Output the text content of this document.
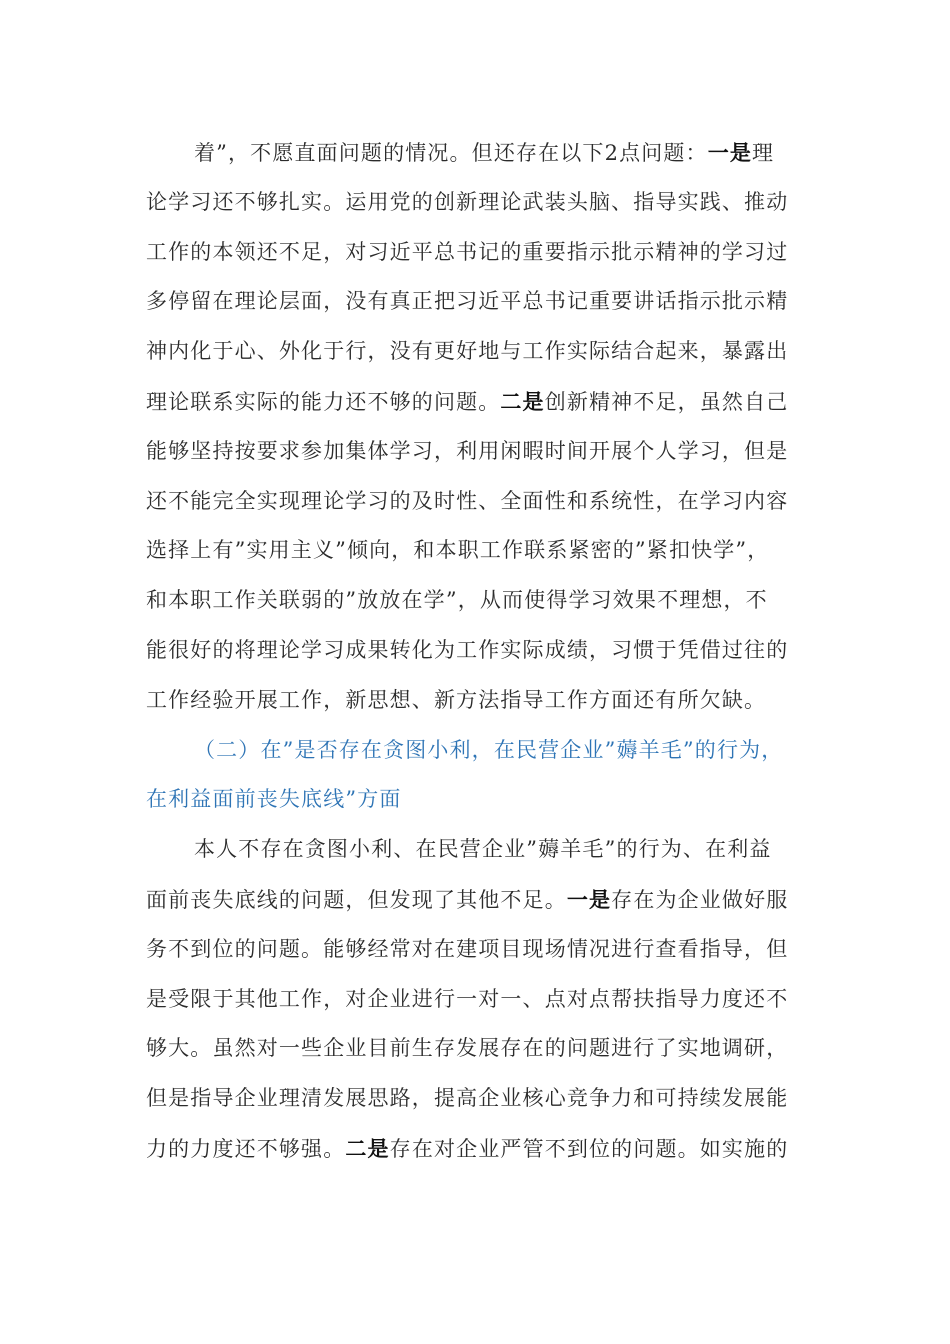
着”，不愿直面问题的情况。但还存在以下2点问题：一是理
论学习还不够扎实。运用党的创新理论武装头脑、指导实践、推动
工作的本领还不足，对习近平总书记的重要指示批示精神的学习过
多停留在理论层面，没有真正把习近平总书记重要讲话指示批示精
神内化于心、外化于行，没有更好地与工作实际结合起来，暴露出
理论联系实际的能力还不够的问题。二是创新精神不足，虽然自己
能够坚持按要求参加集体学习，利用闲暇时间开展个人学习，但是
还不能完全实现理论学习的及时性、全面性和系统性，在学习内容
选择上有”实用主义”倾向，和本职工作联系紧密的”紧扣快学”，
和本职工作关联弱的”放放在学”，从而使得学习效果不理想，不
能很好的将理论学习成果转化为工作实际成绩，习惯于凭借过往的
工作经验开展工作，新思想、新方法指导工作方面还有所欠缺。
（二）在”是否存在贪图小利，在民营企业”薅羊毛”的行为，
在利益面前丧失底线”方面
本人不存在贪图小利、在民营企业”薅羊毛”的行为、在利益
面前丧失底线的问题，但发现了其他不足。一是存在为企业做好服
务不到位的问题。能够经常对在建项目现场情况进行查看指导，但
是受限于其他工作，对企业进行一对一、点对点帮扶指导力度还不
够大。虽然对一些企业目前生存发展存在的问题进行了实地调研，
但是指导企业理清发展思路，提高企业核心竞争力和可持续发展能
力的力度还不够强。二是存在对企业严管不到位的问题。如实施的
